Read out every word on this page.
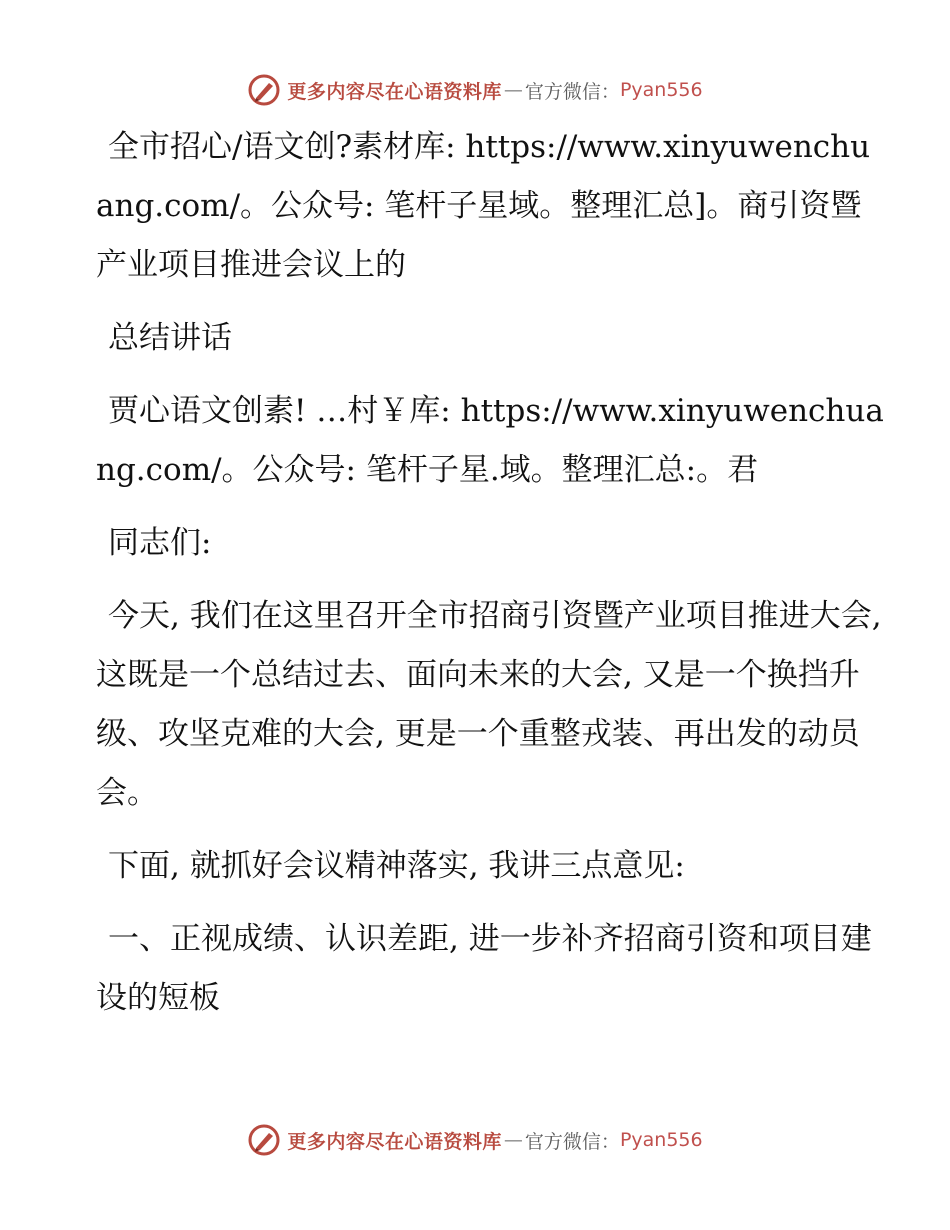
更多内容尽在心语资料库 — 官方微信： Pyan556

全市招心/语文创?素材库: https://www.xinyuwenchuang.com/。公众号: 笔杆子星域。整理汇总]。商引资暨产业项目推进会议上的

总结讲话

贾心语文创素! …村￥库: https://www.xinyuwenchuang.com/。公众号: 笔杆子星.域。整理汇总:。君

同志们:

今天, 我们在这里召开全市招商引资暨产业项目推进大会, 这既是一个总结过去、面向未来的大会, 又是一个换挡升级、攻坚克难的大会, 更是一个重整戎装、再出发的动员会。

下面, 就抓好会议精神落实, 我讲三点意见:

一、正视成绩、认识差距, 进一步补齐招商引资和项目建设的短板

更多内容尽在心语资料库 — 官方微信： Pyan556
